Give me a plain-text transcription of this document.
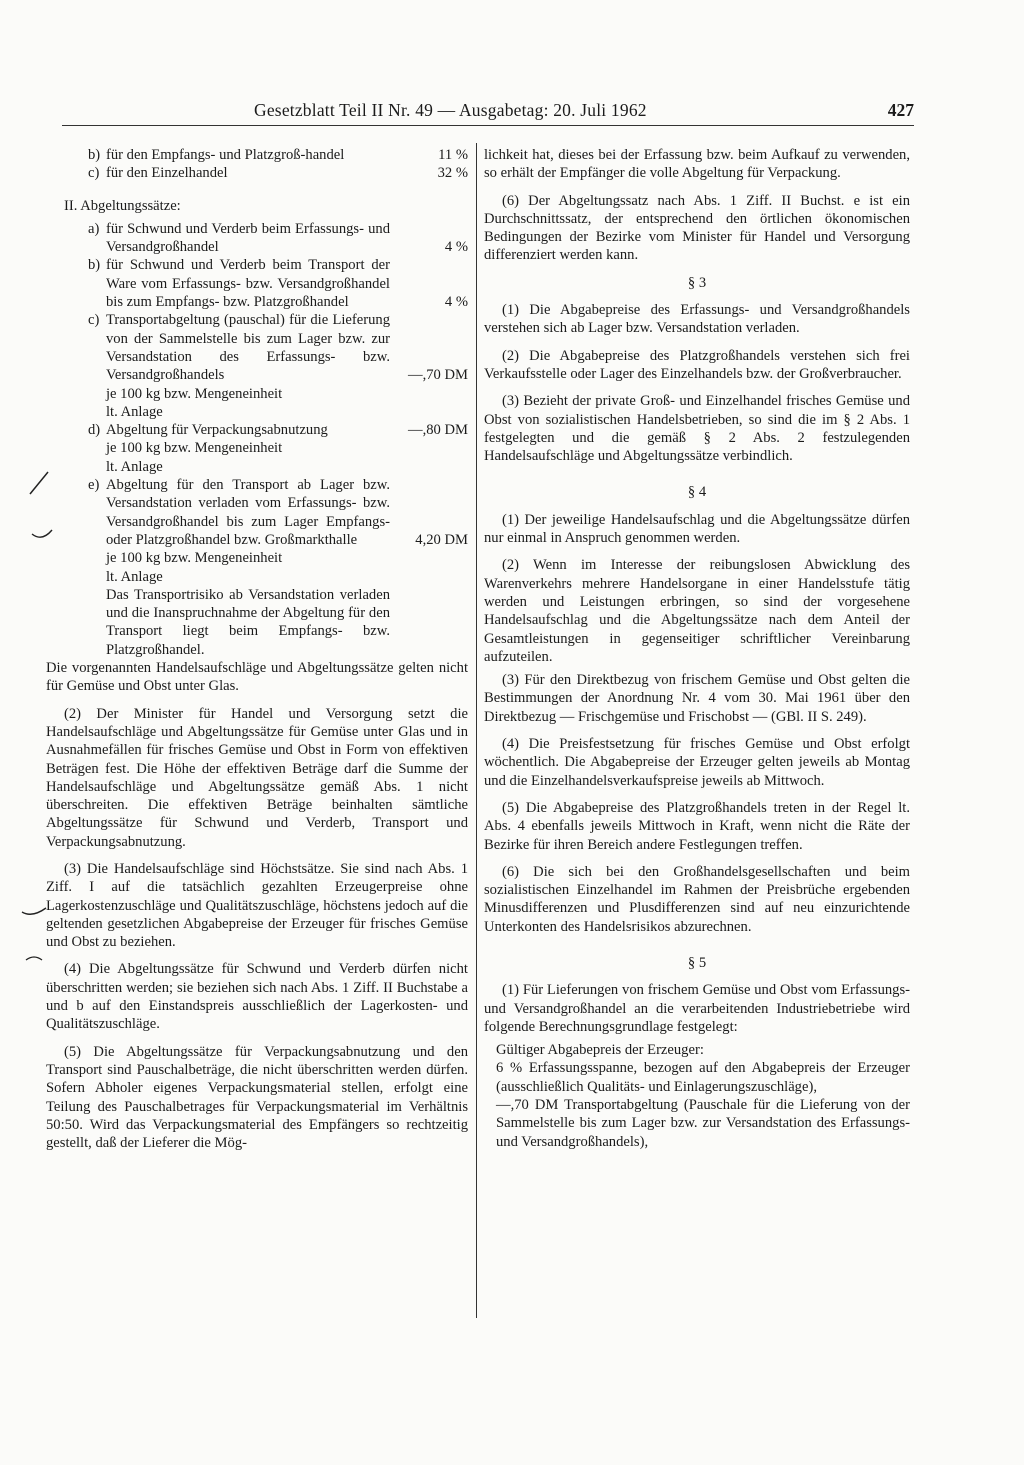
Gesetzblatt Teil II Nr. 49 — Ausgabetag: 20. Juli 1962	427
b) für den Empfangs- und Platzgroß-handel	11 %
c) für den Einzelhandel	32 %
II. Abgeltungssätze:
a) für Schwund und Verderb beim Erfassungs- und Versandgroßhandel	4 %
b) für Schwund und Verderb beim Transport der Ware vom Erfassungs- bzw. Versandgroßhandel bis zum Empfangs- bzw. Platzgroßhandel	4 %
c) Transportabgeltung (pauschal) für die Lieferung von der Sammelstelle bis zum Lager bzw. zur Versandstation des Erfassungs- bzw. Versandgroßhandels	—,70 DM
je 100 kg bzw. Mengeneinheit
lt. Anlage
d) Abgeltung für Verpackungsabnutzung	—,80 DM
je 100 kg bzw. Mengeneinheit
lt. Anlage
e) Abgeltung für den Transport ab Lager bzw. Versandstation verladen vom Erfassungs- bzw. Versandgroßhandel bis zum Lager Empfangs- oder Platzgroßhandel bzw. Großmarkthalle	4,20 DM
je 100 kg bzw. Mengeneinheit
lt. Anlage
Das Transportrisiko ab Versandstation verladen und die Inanspruchnahme der Abgeltung für den Transport liegt beim Empfangs- bzw. Platzgroßhandel.

Die vorgenannten Handelsaufschläge und Abgeltungssätze gelten nicht für Gemüse und Obst unter Glas.

(2) Der Minister für Handel und Versorgung setzt die Handelsaufschläge und Abgeltungssätze für Gemüse unter Glas und in Ausnahmefällen für frisches Gemüse und Obst in Form von effektiven Beträgen fest. Die Höhe der effektiven Beträge darf die Summe der Handelsaufschläge und Abgeltungssätze gemäß Abs. 1 nicht überschreiten. Die effektiven Beträge beinhalten sämtliche Abgeltungssätze für Schwund und Verderb, Transport und Verpackungsabnutzung.

(3) Die Handelsaufschläge sind Höchstsätze. Sie sind nach Abs. 1 Ziff. I auf die tatsächlich gezahlten Erzeugerpreise ohne Lagerkostenzuschläge und Qualitätszuschläge, höchstens jedoch auf die geltenden gesetzlichen Abgabepreise der Erzeuger für frisches Gemüse und Obst zu beziehen.

(4) Die Abgeltungssätze für Schwund und Verderb dürfen nicht überschritten werden; sie beziehen sich nach Abs. 1 Ziff. II Buchstabe a und b auf den Einstandspreis ausschließlich der Lagerkosten- und Qualitätszuschläge.

(5) Die Abgeltungssätze für Verpackungsabnutzung und den Transport sind Pauschalbeträge, die nicht überschritten werden dürfen. Sofern Abholer eigenes Verpackungsmaterial stellen, erfolgt eine Teilung des Pauschalbetrages für Verpackungsmaterial im Verhältnis 50:50. Wird das Verpackungsmaterial des Empfängers so rechtzeitig gestellt, daß der Lieferer die Mög-

lichkeit hat, dieses bei der Erfassung bzw. beim Aufkauf zu verwenden, so erhält der Empfänger die volle Abgeltung für Verpackung.

(6) Der Abgeltungssatz nach Abs. 1 Ziff. II Buchst. e ist ein Durchschnittssatz, der entsprechend den örtlichen ökonomischen Bedingungen der Bezirke vom Minister für Handel und Versorgung differenziert werden kann.

§ 3

(1) Die Abgabepreise des Erfassungs- und Versandgroßhandels verstehen sich ab Lager bzw. Versandstation verladen.

(2) Die Abgabepreise des Platzgroßhandels verstehen sich frei Verkaufsstelle oder Lager des Einzelhandels bzw. der Großverbraucher.

(3) Bezieht der private Groß- und Einzelhandel frisches Gemüse und Obst von sozialistischen Handelsbetrieben, so sind die im § 2 Abs. 1 festgelegten und die gemäß § 2 Abs. 2 festzulegenden Handelsaufschläge und Abgeltungssätze verbindlich.

§ 4

(1) Der jeweilige Handelsaufschlag und die Abgeltungssätze dürfen nur einmal in Anspruch genommen werden.

(2) Wenn im Interesse der reibungslosen Abwicklung des Warenverkehrs mehrere Handelsorgane in einer Handelsstufe tätig werden und Leistungen erbringen, so sind der vorgesehene Handelsaufschlag und die Abgeltungssätze nach dem Anteil der Gesamtleistungen in gegenseitiger schriftlicher Vereinbarung aufzuteilen.

(3) Für den Direktbezug von frischem Gemüse und Obst gelten die Bestimmungen der Anordnung Nr. 4 vom 30. Mai 1961 über den Direktbezug — Frischgemüse und Frischobst — (GBl. II S. 249).

(4) Die Preisfestsetzung für frisches Gemüse und Obst erfolgt wöchentlich. Die Abgabepreise der Erzeuger gelten jeweils ab Montag und die Einzelhandelsverkaufspreise jeweils ab Mittwoch.

(5) Die Abgabepreise des Platzgroßhandels treten in der Regel lt. Abs. 4 ebenfalls jeweils Mittwoch in Kraft, wenn nicht die Räte der Bezirke für ihren Bereich andere Festlegungen treffen.

(6) Die sich bei den Großhandelsgesellschaften und beim sozialistischen Einzelhandel im Rahmen der Preisbrüche ergebenden Minusdifferenzen und Plusdifferenzen sind auf neu einzurichtende Unterkonten des Handelsrisikos abzurechnen.

§ 5

(1) Für Lieferungen von frischem Gemüse und Obst vom Erfassungs- und Versandgroßhandel an die verarbeitenden Industriebetriebe wird folgende Berechnungsgrundlage festgelegt:

Gültiger Abgabepreis der Erzeuger:

6 % Erfassungsspanne, bezogen auf den Abgabepreis der Erzeuger (ausschließlich Qualitäts- und Einlagerungszuschläge),

—,70 DM Transportabgeltung (Pauschale für die Lieferung von der Sammelstelle bis zum Lager bzw. zur Versandstation des Erfassungs- und Versandgroßhandels),
